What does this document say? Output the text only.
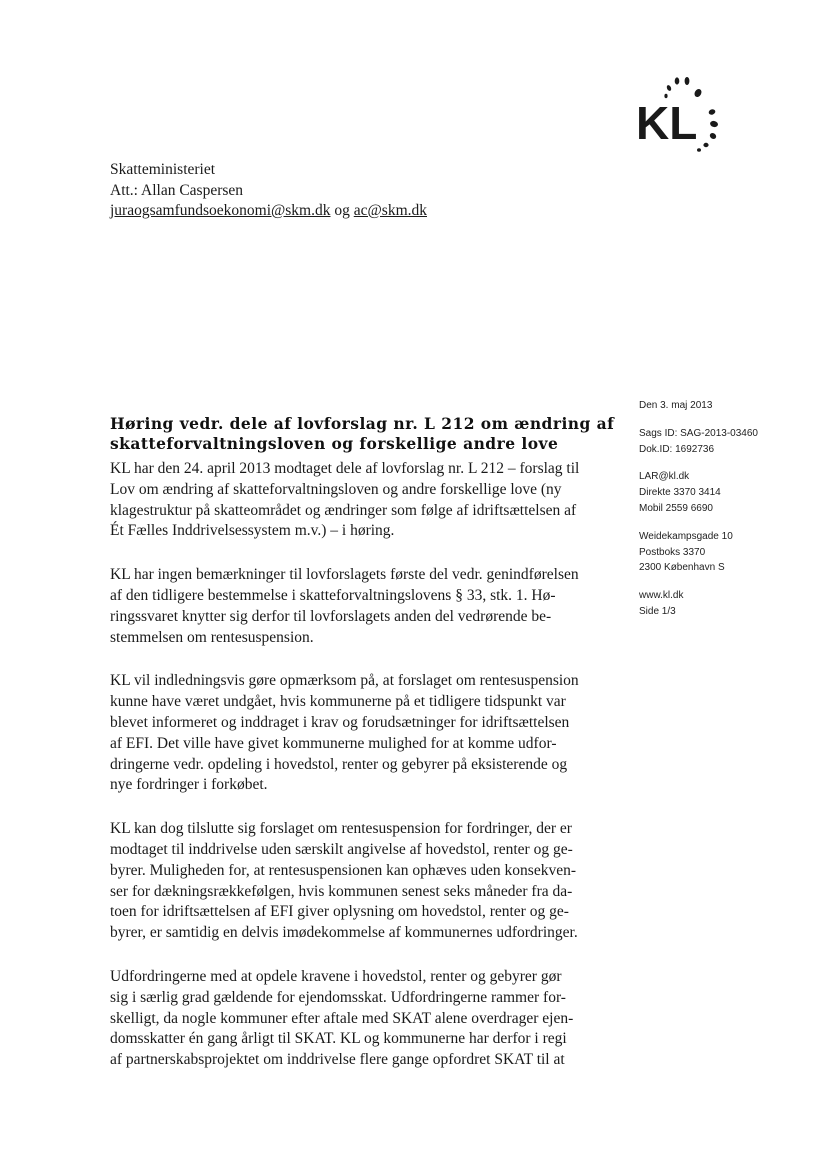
KL
Skatteministeriet
Att.: Allan Caspersen
juraogsamfundsoekonomi@skm.dk og ac@skm.dk
Den 3. maj 2013
Sags ID: SAG-2013-03460
Dok.ID: 1692736
LAR@kl.dk
Direkte 3370 3414
Mobil 2559 6690
Weidekampsgade 10
Postboks 3370
2300 København S
www.kl.dk
Side 1/3
Høring vedr. dele af lovforslag nr. L 212 om ændring af
skatteforvaltningsloven og forskellige andre love
KL har den 24. april 2013 modtaget dele af lovforslag nr. L 212 – forslag til
Lov om ændring af skatteforvaltningsloven og andre forskellige love (ny
klagestruktur på skatteområdet og ændringer som følge af idriftsættelsen af
Ét Fælles Inddrivelsessystem m.v.) – i høring.
KL har ingen bemærkninger til lovforslagets første del vedr. genindførelsen
af den tidligere bestemmelse i skatteforvaltningslovens § 33, stk. 1. Hø-
ringssvaret knytter sig derfor til lovforslagets anden del vedrørende be-
stemmelsen om rentesuspension.
KL vil indledningsvis gøre opmærksom på, at forslaget om rentesuspension
kunne have været undgået, hvis kommunerne på et tidligere tidspunkt var
blevet informeret og inddraget i krav og forudsætninger for idriftsættelsen
af EFI. Det ville have givet kommunerne mulighed for at komme udfor-
dringerne vedr. opdeling i hovedstol, renter og gebyrer på eksisterende og
nye fordringer i forkøbet.
KL kan dog tilslutte sig forslaget om rentesuspension for fordringer, der er
modtaget til inddrivelse uden særskilt angivelse af hovedstol, renter og ge-
byrer. Muligheden for, at rentesuspensionen kan ophæves uden konsekven-
ser for dækningsrækkefølgen, hvis kommunen senest seks måneder fra da-
toen for idriftsættelsen af EFI giver oplysning om hovedstol, renter og ge-
byrer, er samtidig en delvis imødekommelse af kommunernes udfordringer.
Udfordringerne med at opdele kravene i hovedstol, renter og gebyrer gør
sig i særlig grad gældende for ejendomsskat. Udfordringerne rammer for-
skelligt, da nogle kommuner efter aftale med SKAT alene overdrager ejen-
domsskatter én gang årligt til SKAT. KL og kommunerne har derfor i regi
af partnerskabsprojektet om inddrivelse flere gange opfordret SKAT til at
